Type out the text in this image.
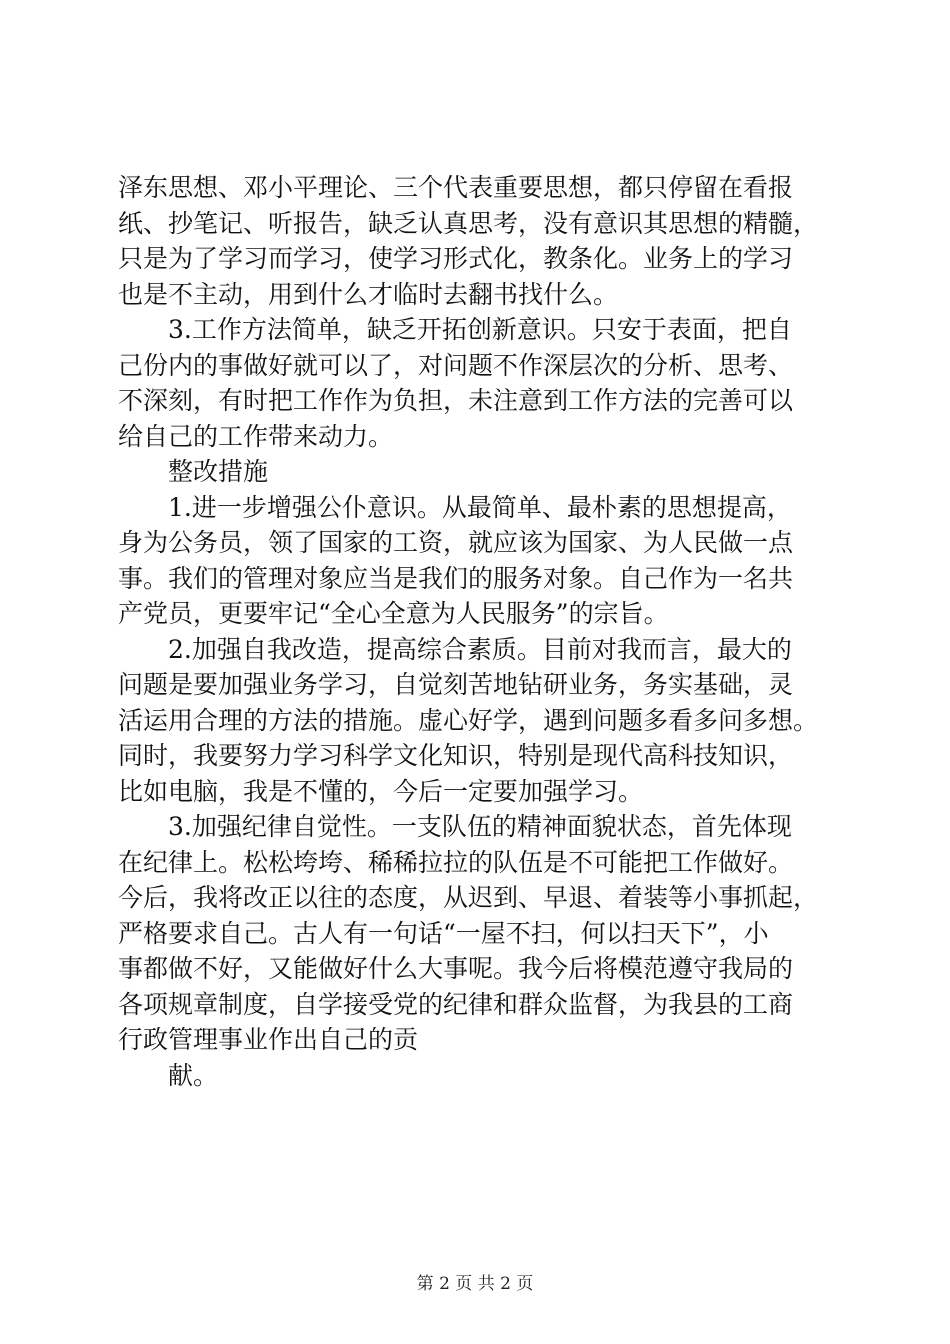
泽东思想、邓小平理论、三个代表重要思想，都只停留在看报
纸、抄笔记、听报告，缺乏认真思考，没有意识其思想的精髓，
只是为了学习而学习，使学习形式化，教条化。业务上的学习
也是不主动，用到什么才临时去翻书找什么。
3.工作方法简单，缺乏开拓创新意识。只安于表面，把自
己份内的事做好就可以了，对问题不作深层次的分析、思考、
不深刻，有时把工作作为负担，未注意到工作方法的完善可以
给自己的工作带来动力。
整改措施
1.进一步增强公仆意识。从最简单、最朴素的思想提高，
身为公务员，领了国家的工资，就应该为国家、为人民做一点
事。我们的管理对象应当是我们的服务对象。自己作为一名共
产党员，更要牢记“全心全意为人民服务”的宗旨。
2.加强自我改造，提高综合素质。目前对我而言，最大的
问题是要加强业务学习，自觉刻苦地钻研业务，务实基础，灵
活运用合理的方法的措施。虚心好学，遇到问题多看多问多想。
同时，我要努力学习科学文化知识，特别是现代高科技知识，
比如电脑，我是不懂的，今后一定要加强学习。
3.加强纪律自觉性。一支队伍的精神面貌状态，首先体现
在纪律上。松松垮垮、稀稀拉拉的队伍是不可能把工作做好。
今后，我将改正以往的态度，从迟到、早退、着装等小事抓起，
严格要求自己。古人有一句话“一屋不扫，何以扫天下”，小
事都做不好，又能做好什么大事呢。我今后将模范遵守我局的
各项规章制度，自学接受党的纪律和群众监督，为我县的工商
行政管理事业作出自己的贡
献。
第 2 页 共 2 页
